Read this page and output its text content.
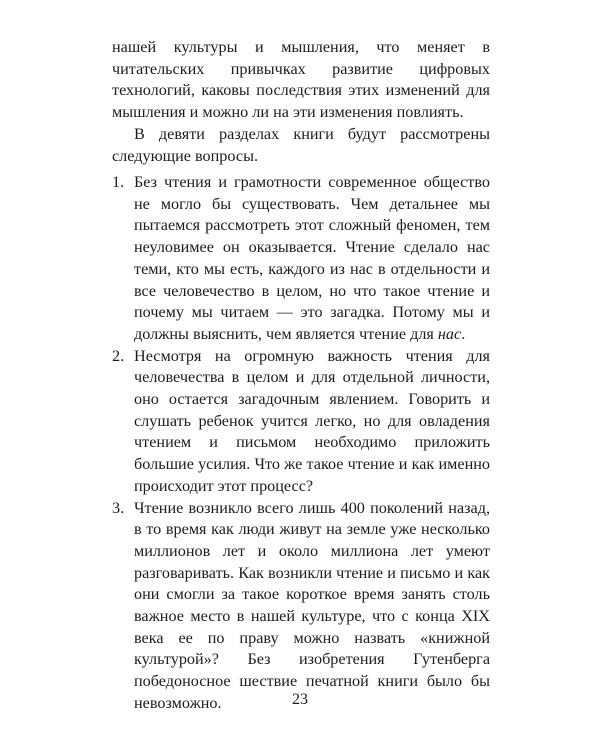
нашей культуры и мышления, что меняет в читательских привычках развитие цифровых технологий, каковы последствия этих изменений для мышления и можно ли на эти изменения повлиять.

В девяти разделах книги будут рассмотрены следующие вопросы.

1. Без чтения и грамотности современное общество не могло бы существовать. Чем детальнее мы пытаемся рассмотреть этот сложный феномен, тем неуловимее он оказывается. Чтение сделало нас теми, кто мы есть, каждого из нас в отдельности и все человечество в целом, но что такое чтение и почему мы читаем — это загадка. Потому мы и должны выяснить, чем является чтение для нас.
2. Несмотря на огромную важность чтения для человечества в целом и для отдельной личности, оно остается загадочным явлением. Говорить и слушать ребенок учится легко, но для овладения чтением и письмом необходимо приложить большие усилия. Что же такое чтение и как именно происходит этот процесс?
3. Чтение возникло всего лишь 400 поколений назад, в то время как люди живут на земле уже несколько миллионов лет и около миллиона лет умеют разговаривать. Как возникли чтение и письмо и как они смогли за такое короткое время занять столь важное место в нашей культуре, что с конца XIX века ее по праву можно назвать «книжной культурой»? Без изобретения Гутенберга победоносное шествие печатной книги было бы невозможно.	23
